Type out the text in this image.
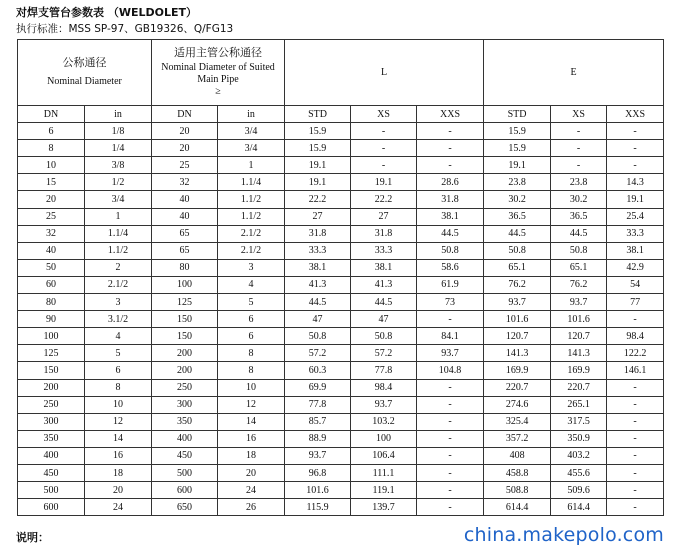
对焊支管台参数表 （WELDOLET）
执行标准：MSS SP-97、GB19326、Q/FG13
公称通径
Nominal Diameter		适用主管公称通径
Nominal Diameter of Suited Main Pipe
≥		L			E		
DN	in	DN	in	STD	XS	XXS	STD	XS	XXS
6	1/8	20	3/4	15.9	-	-	15.9	-	-
8	1/4	20	3/4	15.9	-	-	15.9	-	-
10	3/8	25	1	19.1	-	-	19.1	-	-
15	1/2	32	1.1/4	19.1	19.1	28.6	23.8	23.8	14.3
20	3/4	40	1.1/2	22.2	22.2	31.8	30.2	30.2	19.1
25	1	40	1.1/2	27	27	38.1	36.5	36.5	25.4
32	1.1/4	65	2.1/2	31.8	31.8	44.5	44.5	44.5	33.3
40	1.1/2	65	2.1/2	33.3	33.3	50.8	50.8	50.8	38.1
50	2	80	3	38.1	38.1	58.6	65.1	65.1	42.9
60	2.1/2	100	4	41.3	41.3	61.9	76.2	76.2	54
80	3	125	5	44.5	44.5	73	93.7	93.7	77
90	3.1/2	150	6	47	47	-	101.6	101.6	-
100	4	150	6	50.8	50.8	84.1	120.7	120.7	98.4
125	5	200	8	57.2	57.2	93.7	141.3	141.3	122.2
150	6	200	8	60.3	77.8	104.8	169.9	169.9	146.1
200	8	250	10	69.9	98.4	-	220.7	220.7	-
250	10	300	12	77.8	93.7	-	274.6	265.1	-
300	12	350	14	85.7	103.2	-	325.4	317.5	-
350	14	400	16	88.9	100	-	357.2	350.9	-
400	16	450	18	93.7	106.4	-	408	403.2	-
450	18	500	20	96.8	111.1	-	458.8	455.6	-
500	20	600	24	101.6	119.1	-	508.8	509.6	-
600	24	650	26	115.9	139.7	-	614.4	614.4	-
说明：	china.makepolo.com
